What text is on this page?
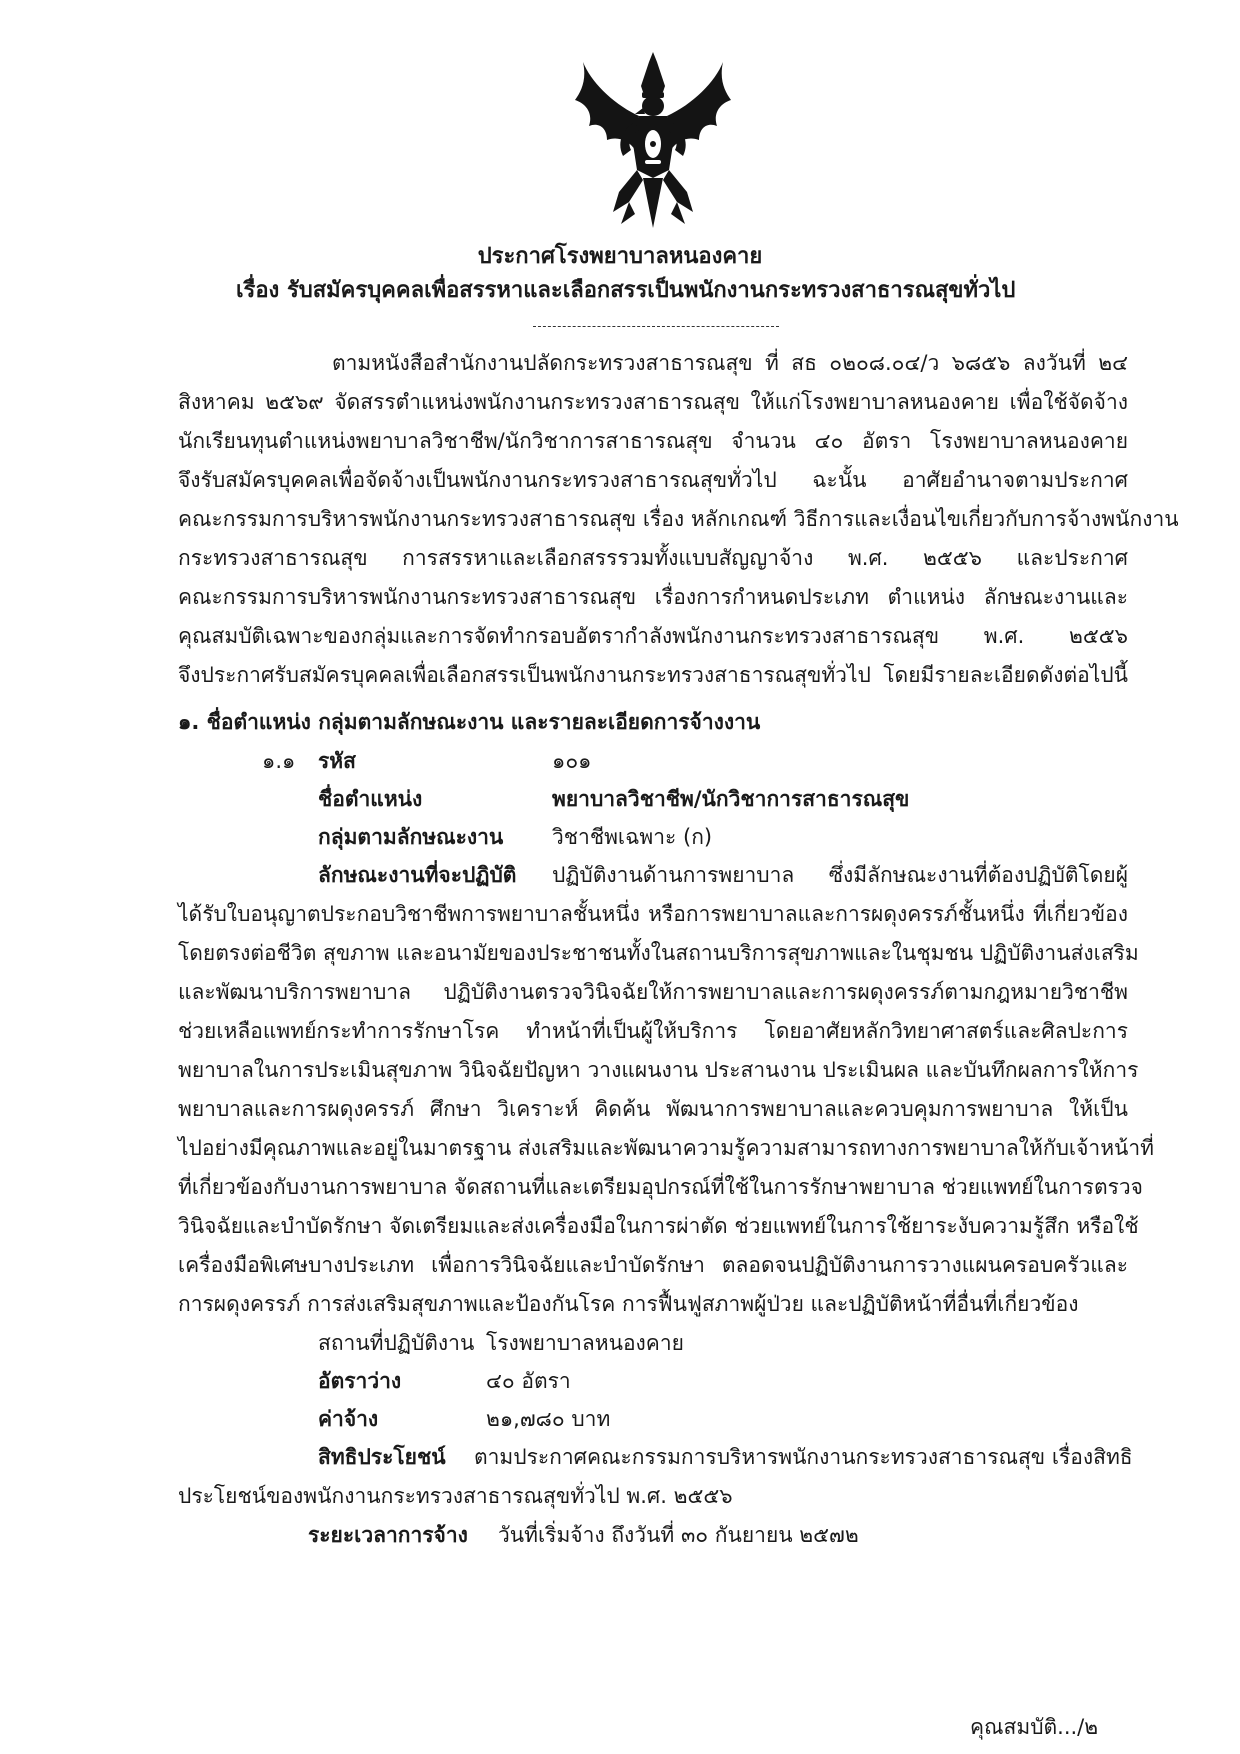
ประกาศโรงพยาบาลหนองคาย
เรื่อง รับสมัครบุคคลเพื่อสรรหาและเลือกสรรเป็นพนักงานกระทรวงสาธารณสุขทั่วไป
ตามหนังสือสำนักงานปลัดกระทรวงสาธารณสุข ที่ สธ ๐๒๐๘.๐๔/ว ๖๘๕๖ ลงวันที่ ๒๔
สิงหาคม ๒๕๖๙ จัดสรรตำแหน่งพนักงานกระทรวงสาธารณสุข ให้แก่โรงพยาบาลหนองคาย เพื่อใช้จัดจ้าง
นักเรียนทุนตำแหน่งพยาบาลวิชาชีพ/นักวิชาการสาธารณสุข จำนวน ๔๐ อัตรา โรงพยาบาลหนองคาย
จึงรับสมัครบุคคลเพื่อจัดจ้างเป็นพนักงานกระทรวงสาธารณสุขทั่วไป ฉะนั้น อาศัยอำนาจตามประกาศ
คณะกรรมการบริหารพนักงานกระทรวงสาธารณสุข เรื่อง หลักเกณฑ์ วิธีการและเงื่อนไขเกี่ยวกับการจ้างพนักงาน
กระทรวงสาธารณสุข การสรรหาและเลือกสรรรวมทั้งแบบสัญญาจ้าง พ.ศ. ๒๕๕๖ และประกาศ
คณะกรรมการบริหารพนักงานกระทรวงสาธารณสุข เรื่องการกำหนดประเภท ตำแหน่ง ลักษณะงานและ
คุณสมบัติเฉพาะของกลุ่มและการจัดทำกรอบอัตรากำลังพนักงานกระทรวงสาธารณสุข พ.ศ. ๒๕๕๖
จึงประกาศรับสมัครบุคคลเพื่อเลือกสรรเป็นพนักงานกระทรวงสาธารณสุขทั่วไป โดยมีรายละเอียดดังต่อไปนี้
๑. ชื่อตำแหน่ง กลุ่มตามลักษณะงาน และรายละเอียดการจ้างงาน
๑.๑ รหัส	๑๐๑
ชื่อตำแหน่ง	พยาบาลวิชาชีพ/นักวิชาการสาธารณสุข
กลุ่มตามลักษณะงาน วิชาชีพเฉพาะ (ก)
ลักษณะงานที่จะปฏิบัติ ปฏิบัติงานด้านการพยาบาล ซึ่งมีลักษณะงานที่ต้องปฏิบัติโดยผู้
ได้รับใบอนุญาตประกอบวิชาชีพการพยาบาลชั้นหนึ่ง หรือการพยาบาลและการผดุงครรภ์ชั้นหนึ่ง ที่เกี่ยวข้อง
โดยตรงต่อชีวิต สุขภาพ และอนามัยของประชาชนทั้งในสถานบริการสุขภาพและในชุมชน ปฏิบัติงานส่งเสริม
และพัฒนาบริการพยาบาล ปฏิบัติงานตรวจวินิจฉัยให้การพยาบาลและการผดุงครรภ์ตามกฎหมายวิชาชีพ
ช่วยเหลือแพทย์กระทำการรักษาโรค ทำหน้าที่เป็นผู้ให้บริการ โดยอาศัยหลักวิทยาศาสตร์และศิลปะการ
พยาบาลในการประเมินสุขภาพ วินิจฉัยปัญหา วางแผนงาน ประสานงาน ประเมินผล และบันทึกผลการให้การ
พยาบาลและการผดุงครรภ์ ศึกษา วิเคราะห์ คิดค้น พัฒนาการพยาบาลและควบคุมการพยาบาล ให้เป็น
ไปอย่างมีคุณภาพและอยู่ในมาตรฐาน ส่งเสริมและพัฒนาความรู้ความสามารถทางการพยาบาลให้กับเจ้าหน้าที่
ที่เกี่ยวข้องกับงานการพยาบาล จัดสถานที่และเตรียมอุปกรณ์ที่ใช้ในการรักษาพยาบาล ช่วยแพทย์ในการตรวจ
วินิจฉัยและบำบัดรักษา จัดเตรียมและส่งเครื่องมือในการผ่าตัด ช่วยแพทย์ในการใช้ยาระงับความรู้สึก หรือใช้
เครื่องมือพิเศษบางประเภท เพื่อการวินิจฉัยและบำบัดรักษา ตลอดจนปฏิบัติงานการวางแผนครอบครัวและ
การผดุงครรภ์ การส่งเสริมสุขภาพและป้องกันโรค การฟื้นฟูสภาพผู้ป่วย และปฏิบัติหน้าที่อื่นที่เกี่ยวข้อง
สถานที่ปฏิบัติงาน โรงพยาบาลหนองคาย
อัตราว่าง	๔๐ อัตรา
ค่าจ้าง	๒๑,๗๘๐ บาท
สิทธิประโยชน์ ตามประกาศคณะกรรมการบริหารพนักงานกระทรวงสาธารณสุข เรื่องสิทธิ
ประโยชน์ของพนักงานกระทรวงสาธารณสุขทั่วไป พ.ศ. ๒๕๕๖
ระยะเวลาการจ้าง วันที่เริ่มจ้าง ถึงวันที่ ๓๐ กันยายน ๒๕๗๒
คุณสมบัติ.../๒
